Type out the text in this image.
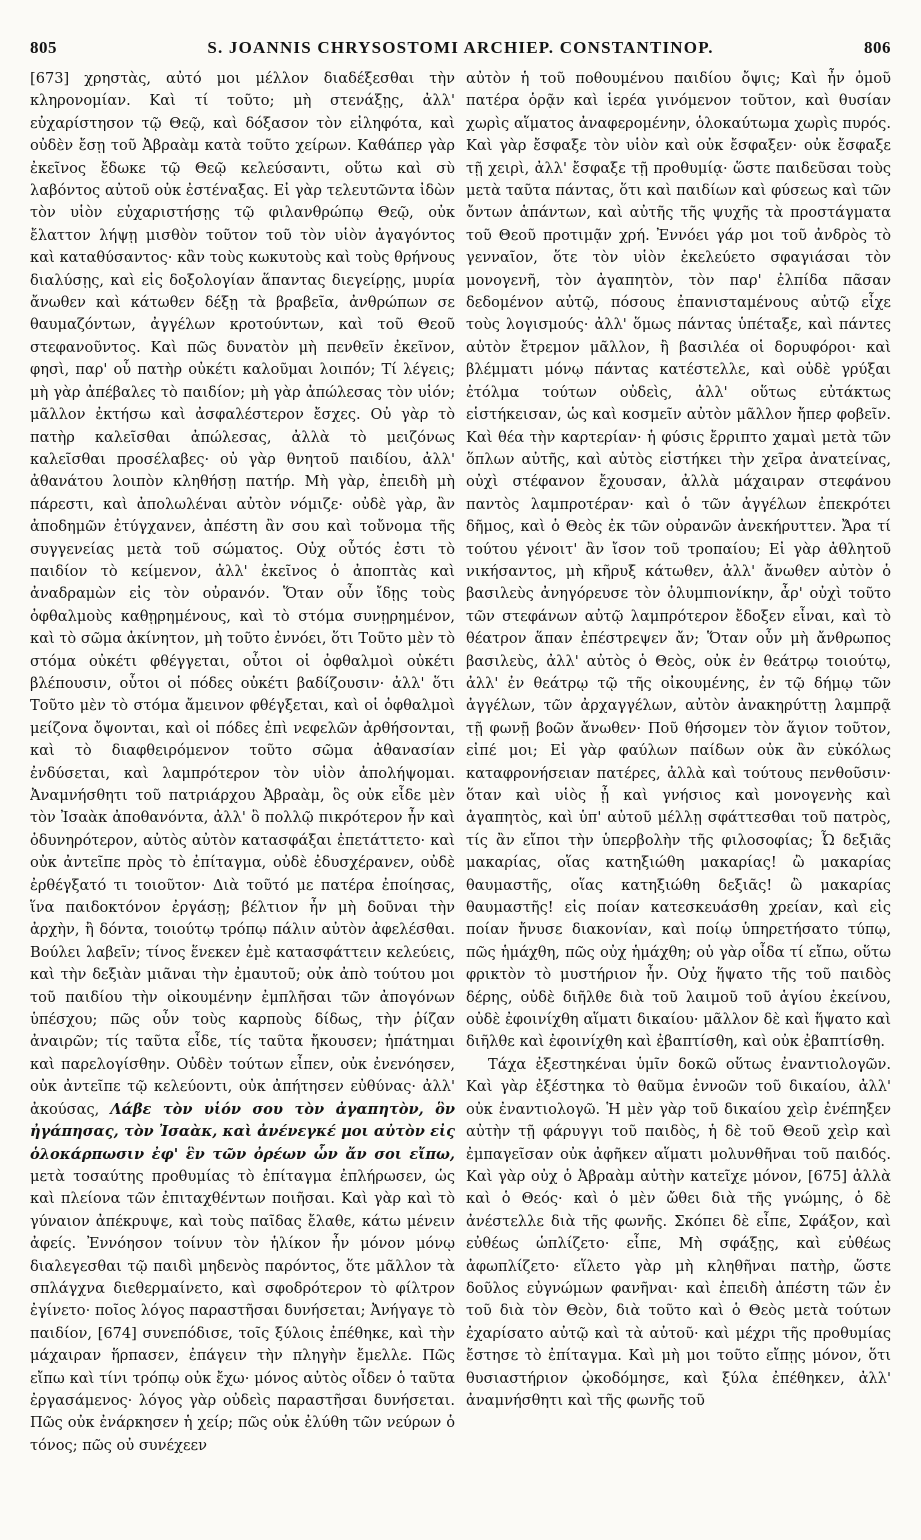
805	S. JOANNIS CHRYSOSTOMI ARCHIEP. CONSTANTINOP.	806

[673] χρηστὰς, αὐτό μοι μέλλον διαδέξεσθαι τὴν κληρονομίαν. Καὶ τί τοῦτο; μὴ στενάξῃς, ἀλλ' εὐχαρίστησον τῷ Θεῷ, καὶ δόξασον τὸν εἰληφότα, καὶ οὐδὲν ἔσῃ τοῦ Ἀβραὰμ κατὰ τοῦτο χείρων. Καθάπερ γὰρ ἐκεῖνος ἔδωκε τῷ Θεῷ κελεύσαντι, οὕτω καὶ σὺ λαβόντος αὐτοῦ οὐκ ἐστέναξας. Εἰ γὰρ τελευτῶντα ἰδὼν τὸν υἱὸν εὐχαριστήσῃς τῷ φιλανθρώπῳ Θεῷ, οὐκ ἔλαττον λήψῃ μισθὸν τοῦτον τοῦ τὸν υἱὸν ἀγαγόντος καὶ καταθύσαντος· κἂν τοὺς κωκυτοὺς καὶ τοὺς θρήνους διαλύσῃς, καὶ εἰς δοξολογίαν ἅπαντας διεγείρῃς, μυρία ἄνωθεν καὶ κάτωθεν δέξῃ τὰ βραβεῖα, ἀνθρώπων σε θαυμαζόντων, ἀγγέλων κροτούντων, καὶ τοῦ Θεοῦ στεφανοῦντος. Καὶ πῶς δυνατὸν μὴ πενθεῖν ἐκεῖνον, φησὶ, παρ' οὗ πατὴρ οὐκέτι καλοῦμαι λοιπόν; Τί λέγεις; μὴ γὰρ ἀπέβαλες τὸ παιδίον; μὴ γὰρ ἀπώλεσας τὸν υἱόν; μᾶλλον ἐκτήσω καὶ ἀσφαλέστερον ἔσχες. Οὐ γὰρ τὸ πατὴρ καλεῖσθαι ἀπώλεσας, ἀλλὰ τὸ μειζόνως καλεῖσθαι προσέλαβες· οὐ γὰρ θνητοῦ παιδίου, ἀλλ' ἀθανάτου λοιπὸν κληθήσῃ πατήρ. Μὴ γὰρ, ἐπειδὴ μὴ πάρεστι, καὶ ἀπολωλέναι αὐτὸν νόμιζε· οὐδὲ γὰρ, ἂν ἀποδημῶν ἐτύγχανεν, ἀπέστη ἂν σου καὶ τοὔνομα τῆς συγγενείας μετὰ τοῦ σώματος. Οὐχ οὗτός ἐστι τὸ παιδίον τὸ κείμενον, ἀλλ' ἐκεῖνος ὁ ἀποπτὰς καὶ ἀναδραμὼν εἰς τὸν οὐρανόν. Ὅταν οὖν ἴδῃς τοὺς ὀφθαλμοὺς καθῃρημένους, καὶ τὸ στόμα συνῃρημένον, καὶ τὸ σῶμα ἀκίνητον, μὴ τοῦτο ἐννόει, ὅτι Τοῦτο μὲν τὸ στόμα οὐκέτι φθέγγεται, οὗτοι οἱ ὀφθαλμοὶ οὐκέτι βλέπουσιν, οὗτοι οἱ πόδες οὐκέτι βαδίζουσιν· ἀλλ' ὅτι Τοῦτο μὲν τὸ στόμα ἄμεινον φθέγξεται, καὶ οἱ ὀφθαλμοὶ μείζονα ὄψονται, καὶ οἱ πόδες ἐπὶ νεφελῶν ἀρθήσονται, καὶ τὸ διαφθειρόμενον τοῦτο σῶμα ἀθανασίαν ἐνδύσεται, καὶ λαμπρότερον τὸν υἱὸν ἀπολήψομαι. Ἀναμνήσθητι τοῦ πατριάρχου Ἀβραὰμ, ὃς οὐκ εἶδε μὲν τὸν Ἰσαὰκ ἀποθανόντα, ἀλλ' ὃ πολλῷ πικρότερον ἦν καὶ ὀδυνηρότερον, αὐτὸς αὐτὸν κατασφάξαι ἐπετάττετο· καὶ οὐκ ἀντεῖπε πρὸς τὸ ἐπίταγμα, οὐδὲ ἐδυσχέρανεν, οὐδὲ ἐρθέγξατό τι τοιοῦτον· Διὰ τοῦτό με πατέρα ἐποίησας, ἵνα παιδοκτόνον ἐργάσῃ; βέλτιον ἦν μὴ δοῦναι τὴν ἀρχὴν, ἢ δόντα, τοιούτῳ τρόπῳ πάλιν αὐτὸν ἀφελέσθαι. Βούλει λαβεῖν; τίνος ἕνεκεν ἐμὲ κατασφάττειν κελεύεις, καὶ τὴν δεξιὰν μιᾶναι τὴν ἐμαυτοῦ; οὐκ ἀπὸ τούτου μοι τοῦ παιδίου τὴν οἰκουμένην ἐμπλῆσαι τῶν ἀπογόνων ὑπέσχου; πῶς οὖν τοὺς καρποὺς δίδως, τὴν ῥίζαν ἀναιρῶν; τίς ταῦτα εἶδε, τίς ταῦτα ἤκουσεν; ἠπάτημαι καὶ παρελογίσθην. Οὐδὲν τούτων εἶπεν, οὐκ ἐνενόησεν, οὐκ ἀντεῖπε τῷ κελεύοντι, οὐκ ἀπήτησεν εὐθύνας· ἀλλ' ἀκούσας, Λάβε τὸν υἱόν σου τὸν ἀγαπητὸν, ὃν ἠγάπησας, τὸν Ἰσαὰκ, καὶ ἀνένεγκέ μοι αὐτὸν εἰς ὁλοκάρπωσιν ἐφ' ἓν τῶν ὀρέων ὧν ἄν σοι εἴπω, μετὰ τοσαύτης προθυμίας τὸ ἐπίταγμα ἐπλήρωσεν, ὡς καὶ πλείονα τῶν ἐπιταχθέντων ποιῆσαι. Καὶ γὰρ καὶ τὸ γύναιον ἀπέκρυψε, καὶ τοὺς παῖδας ἔλαθε, κάτω μένειν ἀφείς. Ἐννόησον τοίνυν τὸν ἡλίκον ἦν μόνον μόνῳ διαλεγεσθαι τῷ παιδὶ μηδενὸς παρόντος, ὅτε μᾶλλον τὰ σπλάγχνα διεθερμαίνετο, καὶ σφοδρότερον τὸ φίλτρον ἐγίνετο· ποῖος λόγος παραστῆσαι δυνήσεται; Ἀνήγαγε τὸ παιδίον, [674] συνεπόδισε, τοῖς ξύλοις ἐπέθηκε, καὶ τὴν μάχαιραν ἥρπασεν, ἐπάγειν τὴν πληγὴν ἔμελλε. Πῶς εἴπω καὶ τίνι τρόπῳ οὐκ ἔχω· μόνος αὐτὸς οἶδεν ὁ ταῦτα ἐργασάμενος· λόγος γὰρ οὐδεὶς παραστῆσαι δυνήσεται. Πῶς οὐκ ἐνάρκησεν ἡ χείρ; πῶς οὐκ ἐλύθη τῶν νεύρων ὁ τόνος; πῶς οὐ συνέχεεν

αὐτὸν ἡ τοῦ ποθουμένου παιδίου ὄψις; Καὶ ἦν ὁμοῦ πατέρα ὁρᾷν καὶ ἱερέα γινόμενον τοῦτον, καὶ θυσίαν χωρὶς αἵματος ἀναφερομένην, ὁλοκαύτωμα χωρὶς πυρός. Καὶ γὰρ ἔσφαξε τὸν υἱὸν καὶ οὐκ ἔσφαξεν· οὐκ ἔσφαξε τῇ χειρὶ, ἀλλ' ἔσφαξε τῇ προθυμίᾳ· ὥστε παιδεῦσαι τοὺς μετὰ ταῦτα πάντας, ὅτι καὶ παιδίων καὶ φύσεως καὶ τῶν ὄντων ἁπάντων, καὶ αὐτῆς τῆς ψυχῆς τὰ προστάγματα τοῦ Θεοῦ προτιμᾷν χρή. Ἐννόει γάρ μοι τοῦ ἀνδρὸς τὸ γενναῖον, ὅτε τὸν υἱὸν ἐκελεύετο σφαγιάσαι τὸν μονογενῆ, τὸν ἀγαπητὸν, τὸν παρ' ἐλπίδα πᾶσαν δεδομένον αὐτῷ, πόσους ἐπανισταμένους αὐτῷ εἶχε τοὺς λογισμούς· ἀλλ' ὅμως πάντας ὑπέταξε, καὶ πάντες αὐτὸν ἔτρεμον μᾶλλον, ἢ βασιλέα οἱ δορυφόροι· καὶ βλέμματι μόνῳ πάντας κατέστελλε, καὶ οὐδὲ γρύξαι ἐτόλμα τούτων οὐδεὶς, ἀλλ' οὕτως εὐτάκτως εἱστήκεισαν, ὡς καὶ κοσμεῖν αὐτὸν μᾶλλον ἤπερ φοβεῖν. Καὶ θέα τὴν καρτερίαν· ἡ φύσις ἔρριπτο χαμαὶ μετὰ τῶν ὅπλων αὐτῆς, καὶ αὐτὸς εἱστήκει τὴν χεῖρα ἀνατείνας, οὐχὶ στέφανον ἔχουσαν, ἀλλὰ μάχαιραν στεφάνου παντὸς λαμπροτέραν· καὶ ὁ τῶν ἀγγέλων ἐπεκρότει δῆμος, καὶ ὁ Θεὸς ἐκ τῶν οὐρανῶν ἀνεκήρυττεν. Ἄρα τί τούτου γένοιτ' ἂν ἴσον τοῦ τροπαίου; Εἰ γὰρ ἀθλητοῦ νικήσαντος, μὴ κῆρυξ κάτωθεν, ἀλλ' ἄνωθεν αὐτὸν ὁ βασιλεὺς ἀνηγόρευσε τὸν ὀλυμπιονίκην, ἆρ' οὐχὶ τοῦτο τῶν στεφάνων αὐτῷ λαμπρότερον ἔδοξεν εἶναι, καὶ τὸ θέατρον ἅπαν ἐπέστρεψεν ἄν; Ὅταν οὖν μὴ ἄνθρωπος βασιλεὺς, ἀλλ' αὐτὸς ὁ Θεὸς, οὐκ ἐν θεάτρῳ τοιούτῳ, ἀλλ' ἐν θεάτρῳ τῷ τῆς οἰκουμένης, ἐν τῷ δήμῳ τῶν ἀγγέλων, τῶν ἀρχαγγέλων, αὐτὸν ἀνακηρύττῃ λαμπρᾷ τῇ φωνῇ βοῶν ἄνωθεν· Ποῦ θήσομεν τὸν ἅγιον τοῦτον, εἰπέ μοι; Εἰ γὰρ φαύλων παίδων οὐκ ἂν εὐκόλως καταφρονήσειαν πατέρες, ἀλλὰ καὶ τούτους πενθοῦσιν· ὅταν καὶ υἱὸς ᾖ καὶ γνήσιος καὶ μονογενὴς καὶ ἀγαπητὸς, καὶ ὑπ' αὐτοῦ μέλλῃ σφάττεσθαι τοῦ πατρὸς, τίς ἂν εἴποι τὴν ὑπερβολὴν τῆς φιλοσοφίας; Ὦ δεξιᾶς μακαρίας, οἵας κατηξιώθη μακαρίας! ὢ μακαρίας θαυμαστῆς, οἵας κατηξιώθη δεξιᾶς! ὢ μακαρίας θαυμαστῆς! εἰς ποίαν κατεσκευάσθη χρείαν, καὶ εἰς ποίαν ἤνυσε διακονίαν, καὶ ποίῳ ὑπηρετήσατο τύπῳ, πῶς ἡμάχθη, πῶς οὐχ ἡμάχθη; οὐ γὰρ οἶδα τί εἴπω, οὕτω φρικτὸν τὸ μυστήριον ἦν. Οὐχ ἥψατο τῆς τοῦ παιδὸς δέρης, οὐδὲ διῆλθε διὰ τοῦ λαιμοῦ τοῦ ἁγίου ἐκείνου, οὐδὲ ἐφοινίχθη αἵματι δικαίου· μᾶλλον δὲ καὶ ἥψατο καὶ διῆλθε καὶ ἐφοινίχθη καὶ ἐβαπτίσθη, καὶ οὐκ ἐβαπτίσθη.

Τάχα ἐξεστηκέναι ὑμῖν δοκῶ οὕτως ἐναντιολογῶν. Καὶ γὰρ ἐξέστηκα τὸ θαῦμα ἐννοῶν τοῦ δικαίου, ἀλλ' οὐκ ἐναντιολογῶ. Ἡ μὲν γὰρ τοῦ δικαίου χεὶρ ἐνέπηξεν αὐτὴν τῇ φάρυγγι τοῦ παιδὸς, ἡ δὲ τοῦ Θεοῦ χεὶρ καὶ ἐμπαγεῖσαν οὐκ ἀφῆκεν αἵματι μολυνθῆναι τοῦ παιδός. Καὶ γὰρ οὐχ ὁ Ἀβραὰμ αὐτὴν κατεῖχε μόνον, [675] ἀλλὰ καὶ ὁ Θεός· καὶ ὁ μὲν ὤθει διὰ τῆς γνώμης, ὁ δὲ ἀνέστελλε διὰ τῆς φωνῆς. Σκόπει δὲ εἶπε, Σφάξον, καὶ εὐθέως ὡπλίζετο· εἶπε, Μὴ σφάξῃς, καὶ εὐθέως ἀφωπλίζετο· εἵλετο γὰρ μὴ κληθῆναι πατὴρ, ὥστε δοῦλος εὐγνώμων φανῆναι· καὶ ἐπειδὴ ἀπέστη τῶν ἐν τοῦ διὰ τὸν Θεὸν, διὰ τοῦτο καὶ ὁ Θεὸς μετὰ τούτων ἐχαρίσατο αὐτῷ καὶ τὰ αὐτοῦ· καὶ μέχρι τῆς προθυμίας ἔστησε τὸ ἐπίταγμα. Καὶ μὴ μοι τοῦτο εἴπῃς μόνον, ὅτι θυσιαστήριον ᾠκοδόμησε, καὶ ξύλα ἐπέθηκεν, ἀλλ' ἀναμνήσθητι καὶ τῆς φωνῆς τοῦ
